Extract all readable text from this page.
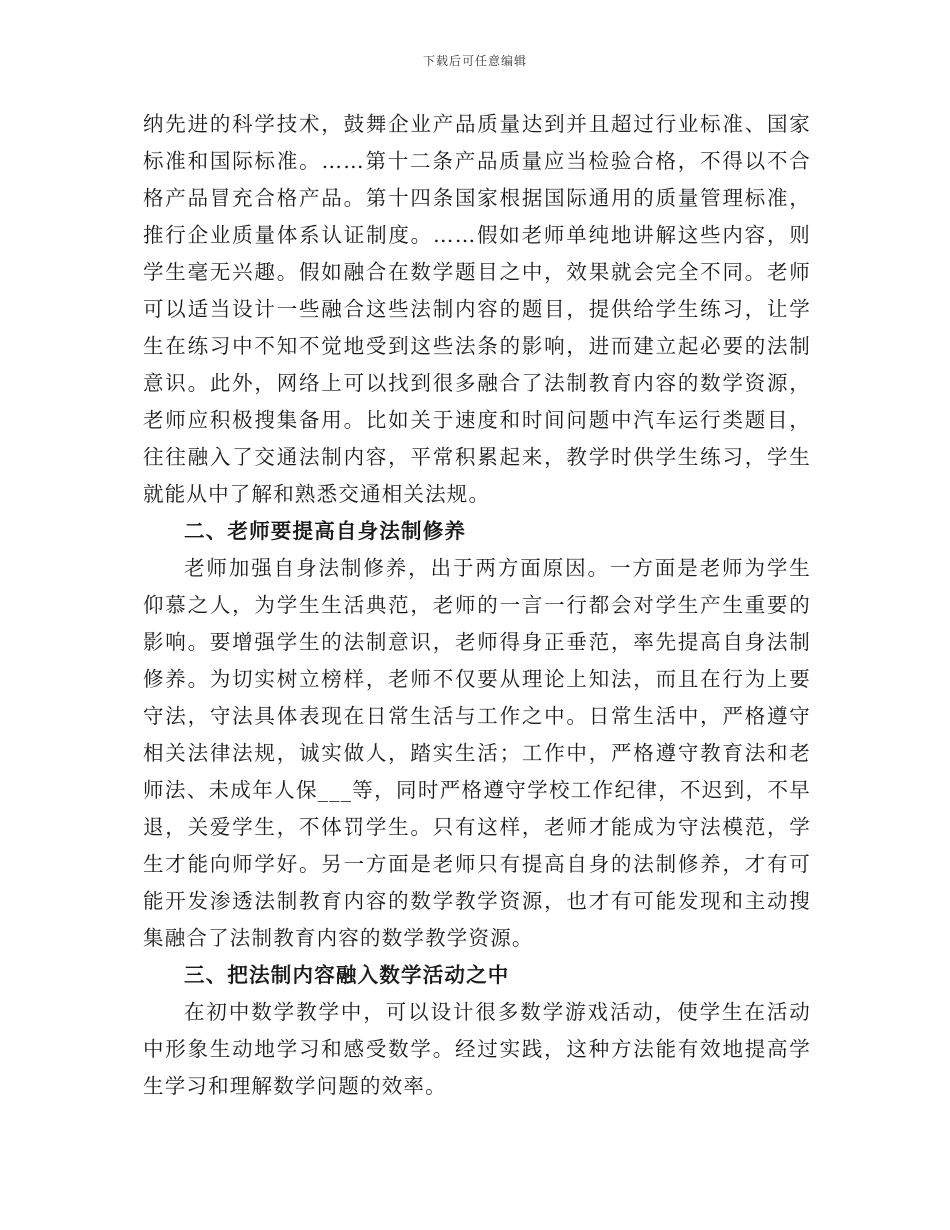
下载后可任意编辑

纳先进的科学技术，鼓舞企业产品质量达到并且超过行业标准、国家标准和国际标准。……第十二条产品质量应当检验合格，不得以不合格产品冒充合格产品。第十四条国家根据国际通用的质量管理标准，推行企业质量体系认证制度。……假如老师单纯地讲解这些内容，则学生毫无兴趣。假如融合在数学题目之中，效果就会完全不同。老师可以适当设计一些融合这些法制内容的题目，提供给学生练习，让学生在练习中不知不觉地受到这些法条的影响，进而建立起必要的法制意识。此外，网络上可以找到很多融合了法制教育内容的数学资源，老师应积极搜集备用。比如关于速度和时间问题中汽车运行类题目，往往融入了交通法制内容，平常积累起来，教学时供学生练习，学生就能从中了解和熟悉交通相关法规。

二、老师要提高自身法制修养

老师加强自身法制修养，出于两方面原因。一方面是老师为学生仰慕之人，为学生生活典范，老师的一言一行都会对学生产生重要的影响。要增强学生的法制意识，老师得身正垂范，率先提高自身法制修养。为切实树立榜样，老师不仅要从理论上知法，而且在行为上要守法，守法具体表现在日常生活与工作之中。日常生活中，严格遵守相关法律法规，诚实做人，踏实生活；工作中，严格遵守教育法和老师法、未成年人保___等，同时严格遵守学校工作纪律，不迟到，不早退，关爱学生，不体罚学生。只有这样，老师才能成为守法模范，学生才能向师学好。另一方面是老师只有提高自身的法制修养，才有可能开发渗透法制教育内容的数学教学资源，也才有可能发现和主动搜集融合了法制教育内容的数学教学资源。

三、把法制内容融入数学活动之中

在初中数学教学中，可以设计很多数学游戏活动，使学生在活动中形象生动地学习和感受数学。经过实践，这种方法能有效地提高学生学习和理解数学问题的效率。
